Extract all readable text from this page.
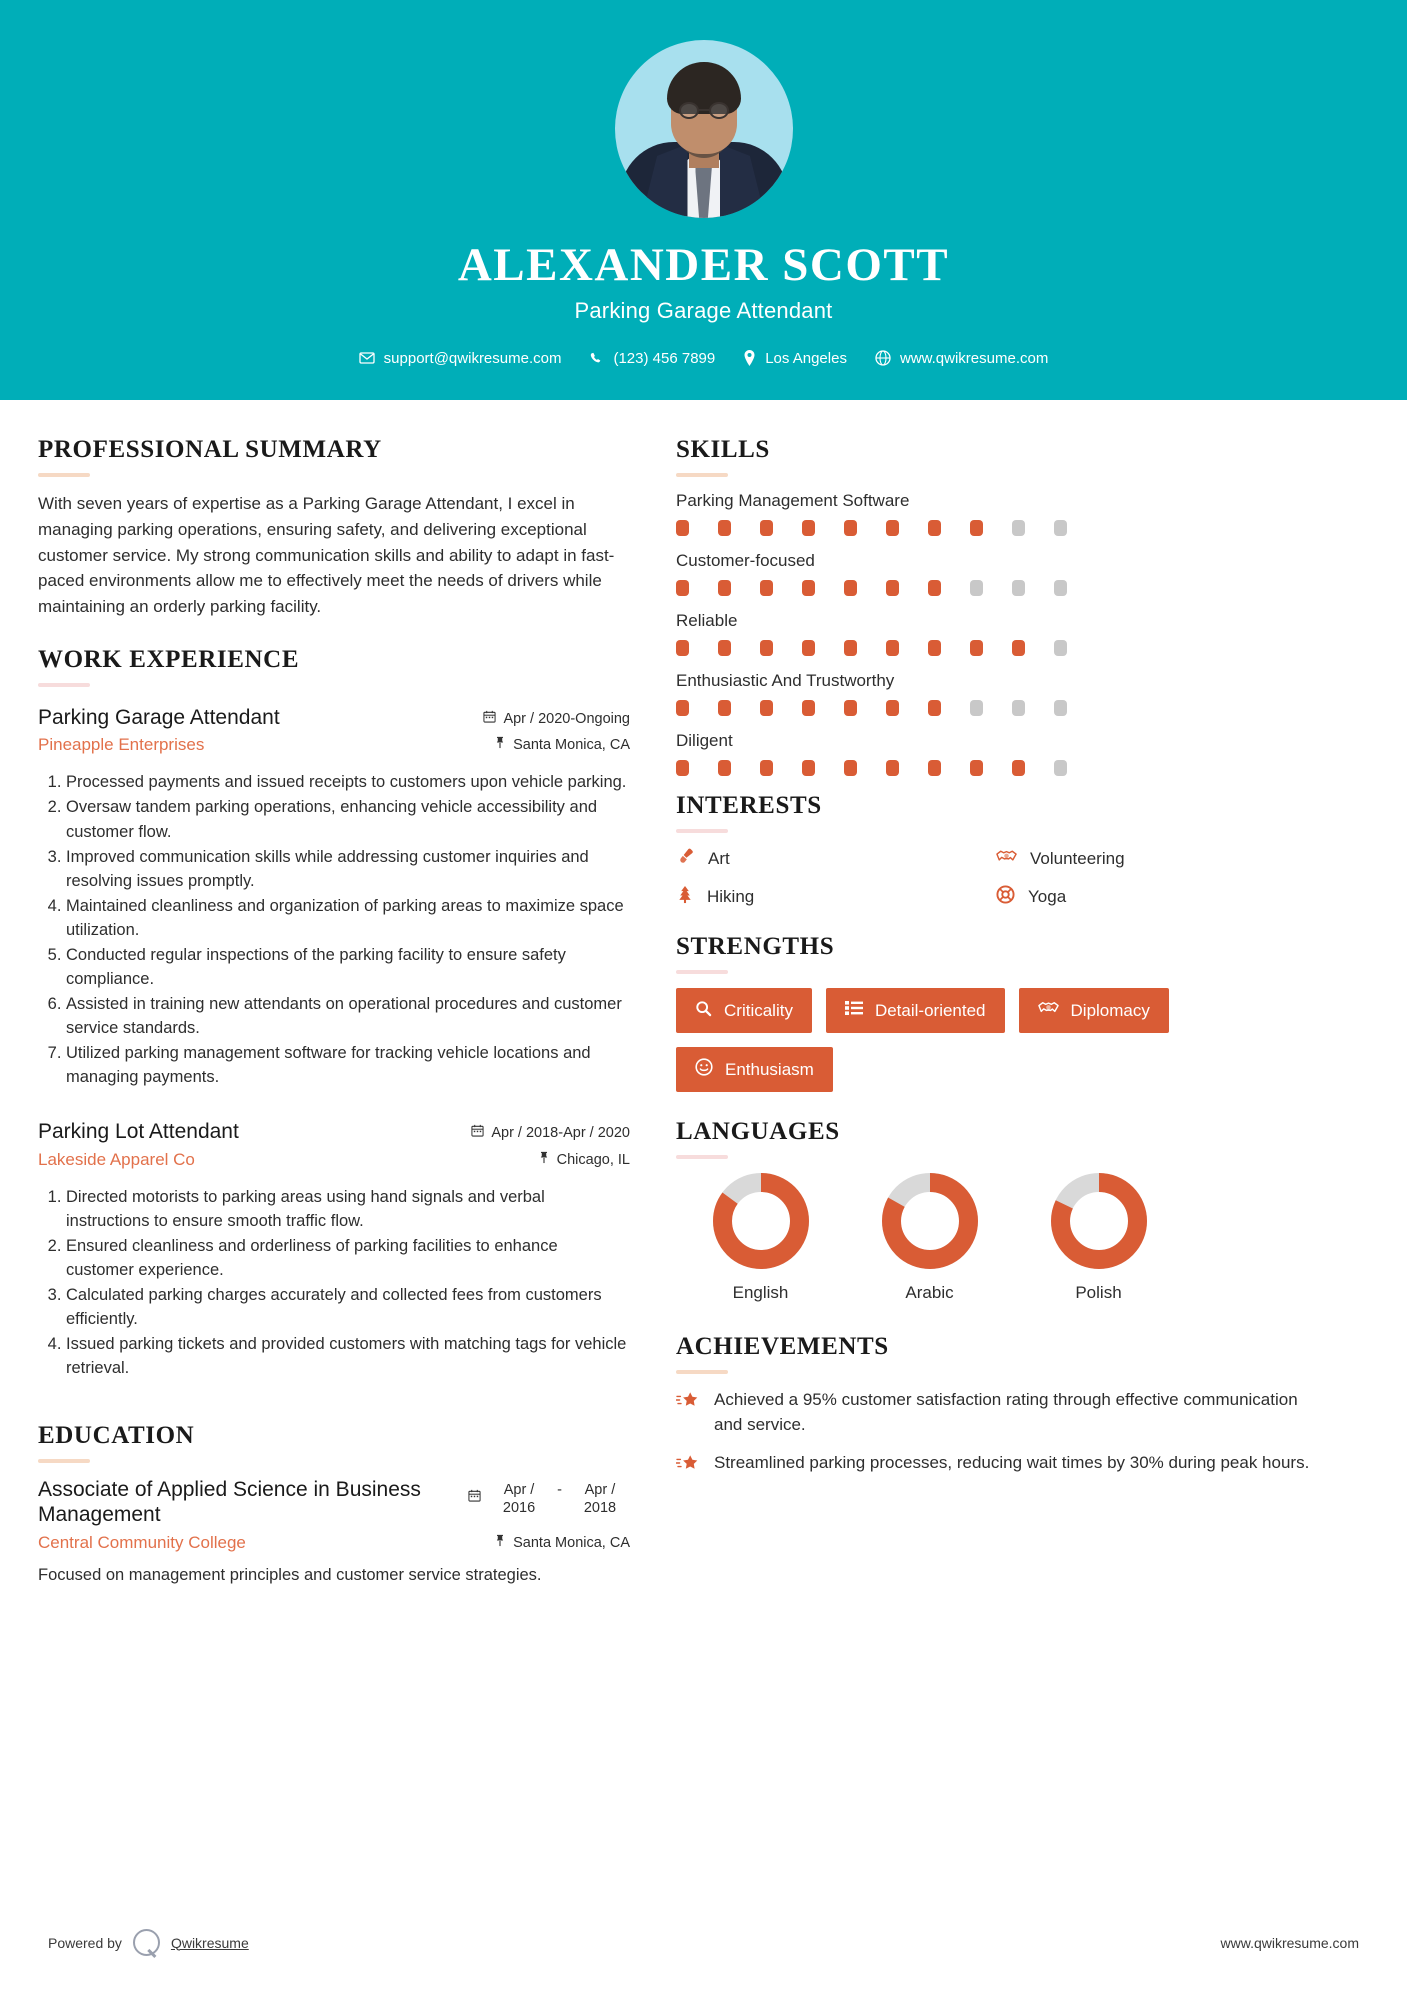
ALEXANDER SCOTT
Parking Garage Attendant
support@qwikresume.com	(123) 456 7899	Los Angeles	www.qwikresume.com
PROFESSIONAL SUMMARY
With seven years of expertise as a Parking Garage Attendant, I excel in managing parking operations, ensuring safety, and delivering exceptional customer service. My strong communication skills and ability to adapt in fast-paced environments allow me to effectively meet the needs of drivers while maintaining an orderly parking facility.
WORK EXPERIENCE
Parking Garage Attendant	Apr / 2020-Ongoing
Pineapple Enterprises	Santa Monica, CA
1. Processed payments and issued receipts to customers upon vehicle parking.
2. Oversaw tandem parking operations, enhancing vehicle accessibility and customer flow.
3. Improved communication skills while addressing customer inquiries and resolving issues promptly.
4. Maintained cleanliness and organization of parking areas to maximize space utilization.
5. Conducted regular inspections of the parking facility to ensure safety compliance.
6. Assisted in training new attendants on operational procedures and customer service standards.
7. Utilized parking management software for tracking vehicle locations and managing payments.
Parking Lot Attendant	Apr / 2018-Apr / 2020
Lakeside Apparel Co	Chicago, IL
1. Directed motorists to parking areas using hand signals and verbal instructions to ensure smooth traffic flow.
2. Ensured cleanliness and orderliness of parking facilities to enhance customer experience.
3. Calculated parking charges accurately and collected fees from customers efficiently.
4. Issued parking tickets and provided customers with matching tags for vehicle retrieval.
EDUCATION
Associate of Applied Science in Business Management
Apr / 2016
-	Apr / 2018
Central Community College	Santa Monica, CA
Focused on management principles and customer service strategies.
SKILLS
Parking Management Software
Customer-focused
Reliable
Enthusiastic And Trustworthy
Diligent
INTERESTS
Art	Volunteering
Hiking	Yoga
STRENGTHS
Criticality	Detail-oriented	Diplomacy
Enthusiasm
LANGUAGES
English	Arabic	Polish
ACHIEVEMENTS
Achieved a 95% customer satisfaction rating through effective communication and service.
Streamlined parking processes, reducing wait times by 30% during peak hours.
Powered by	Qwikresume	www.qwikresume.com
